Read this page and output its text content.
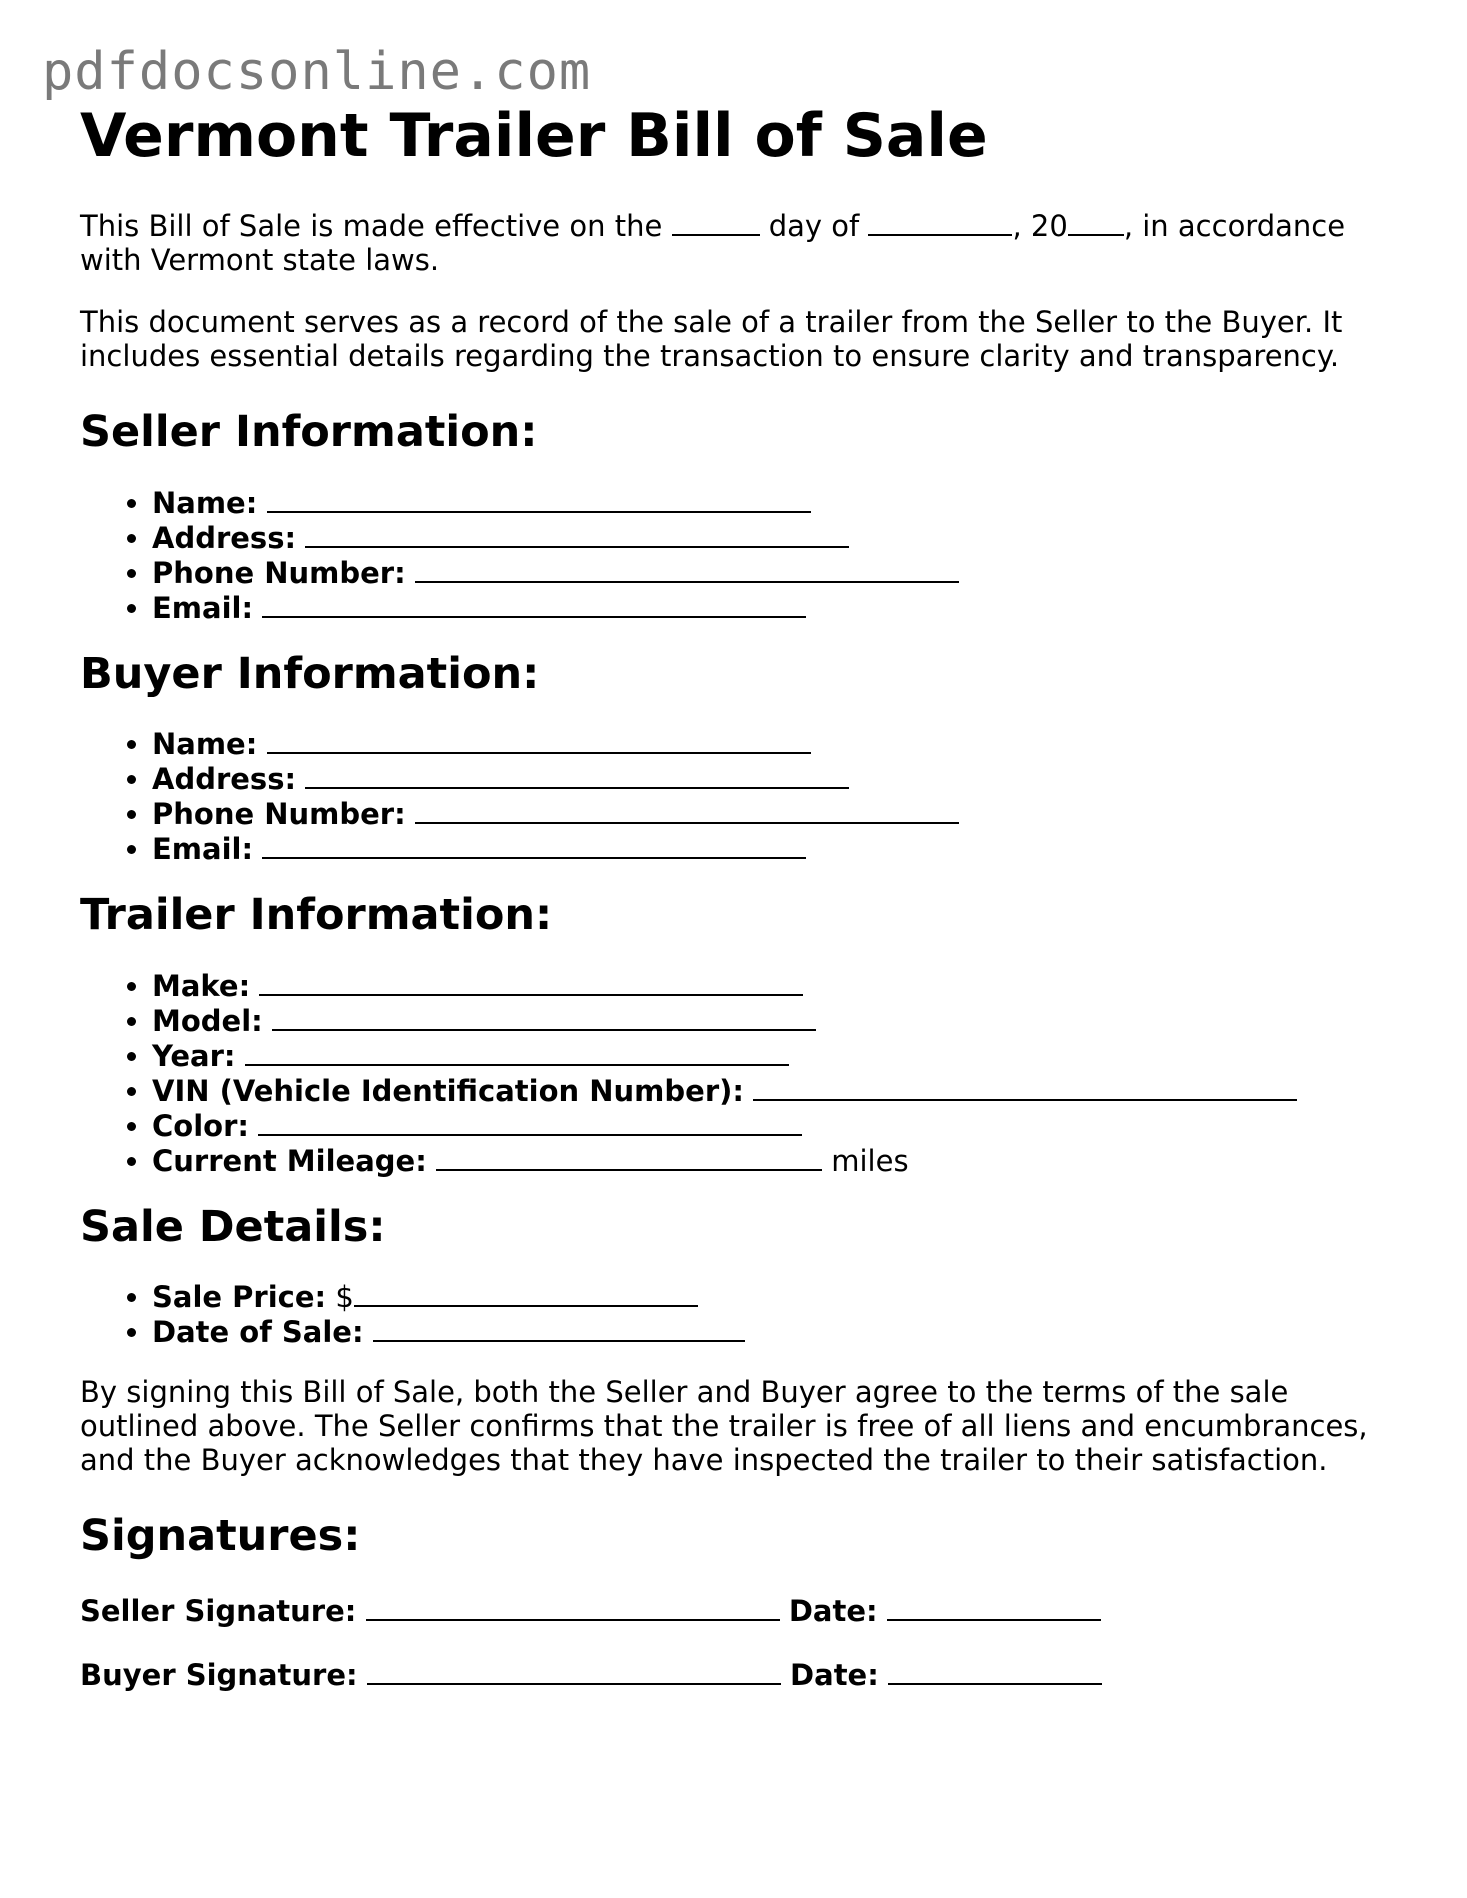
pdfdocsonline.com
Vermont Trailer Bill of Sale

This Bill of Sale is made effective on the	day of	, 20 , in accordance with Vermont state laws.

This document serves as a record of the sale of a trailer from the Seller to the Buyer. It includes essential details regarding the transaction to ensure clarity and transparency.

Seller Information:
• Name:
• Address:
• Phone Number:
• Email:
Buyer Information:
• Name:
• Address:
• Phone Number:
• Email:
Trailer Information:
• Make:
• Model:
• Year:
• VIN (Vehicle Identification Number):
• Color:
• Current Mileage:	miles
Sale Details:
• Sale Price: $
• Date of Sale:

By signing this Bill of Sale, both the Seller and Buyer agree to the terms of the sale outlined above. The Seller confirms that the trailer is free of all liens and encumbrances, and the Buyer acknowledges that they have inspected the trailer to their satisfaction.

Signatures:
Seller Signature:	Date:
Buyer Signature:	Date:
